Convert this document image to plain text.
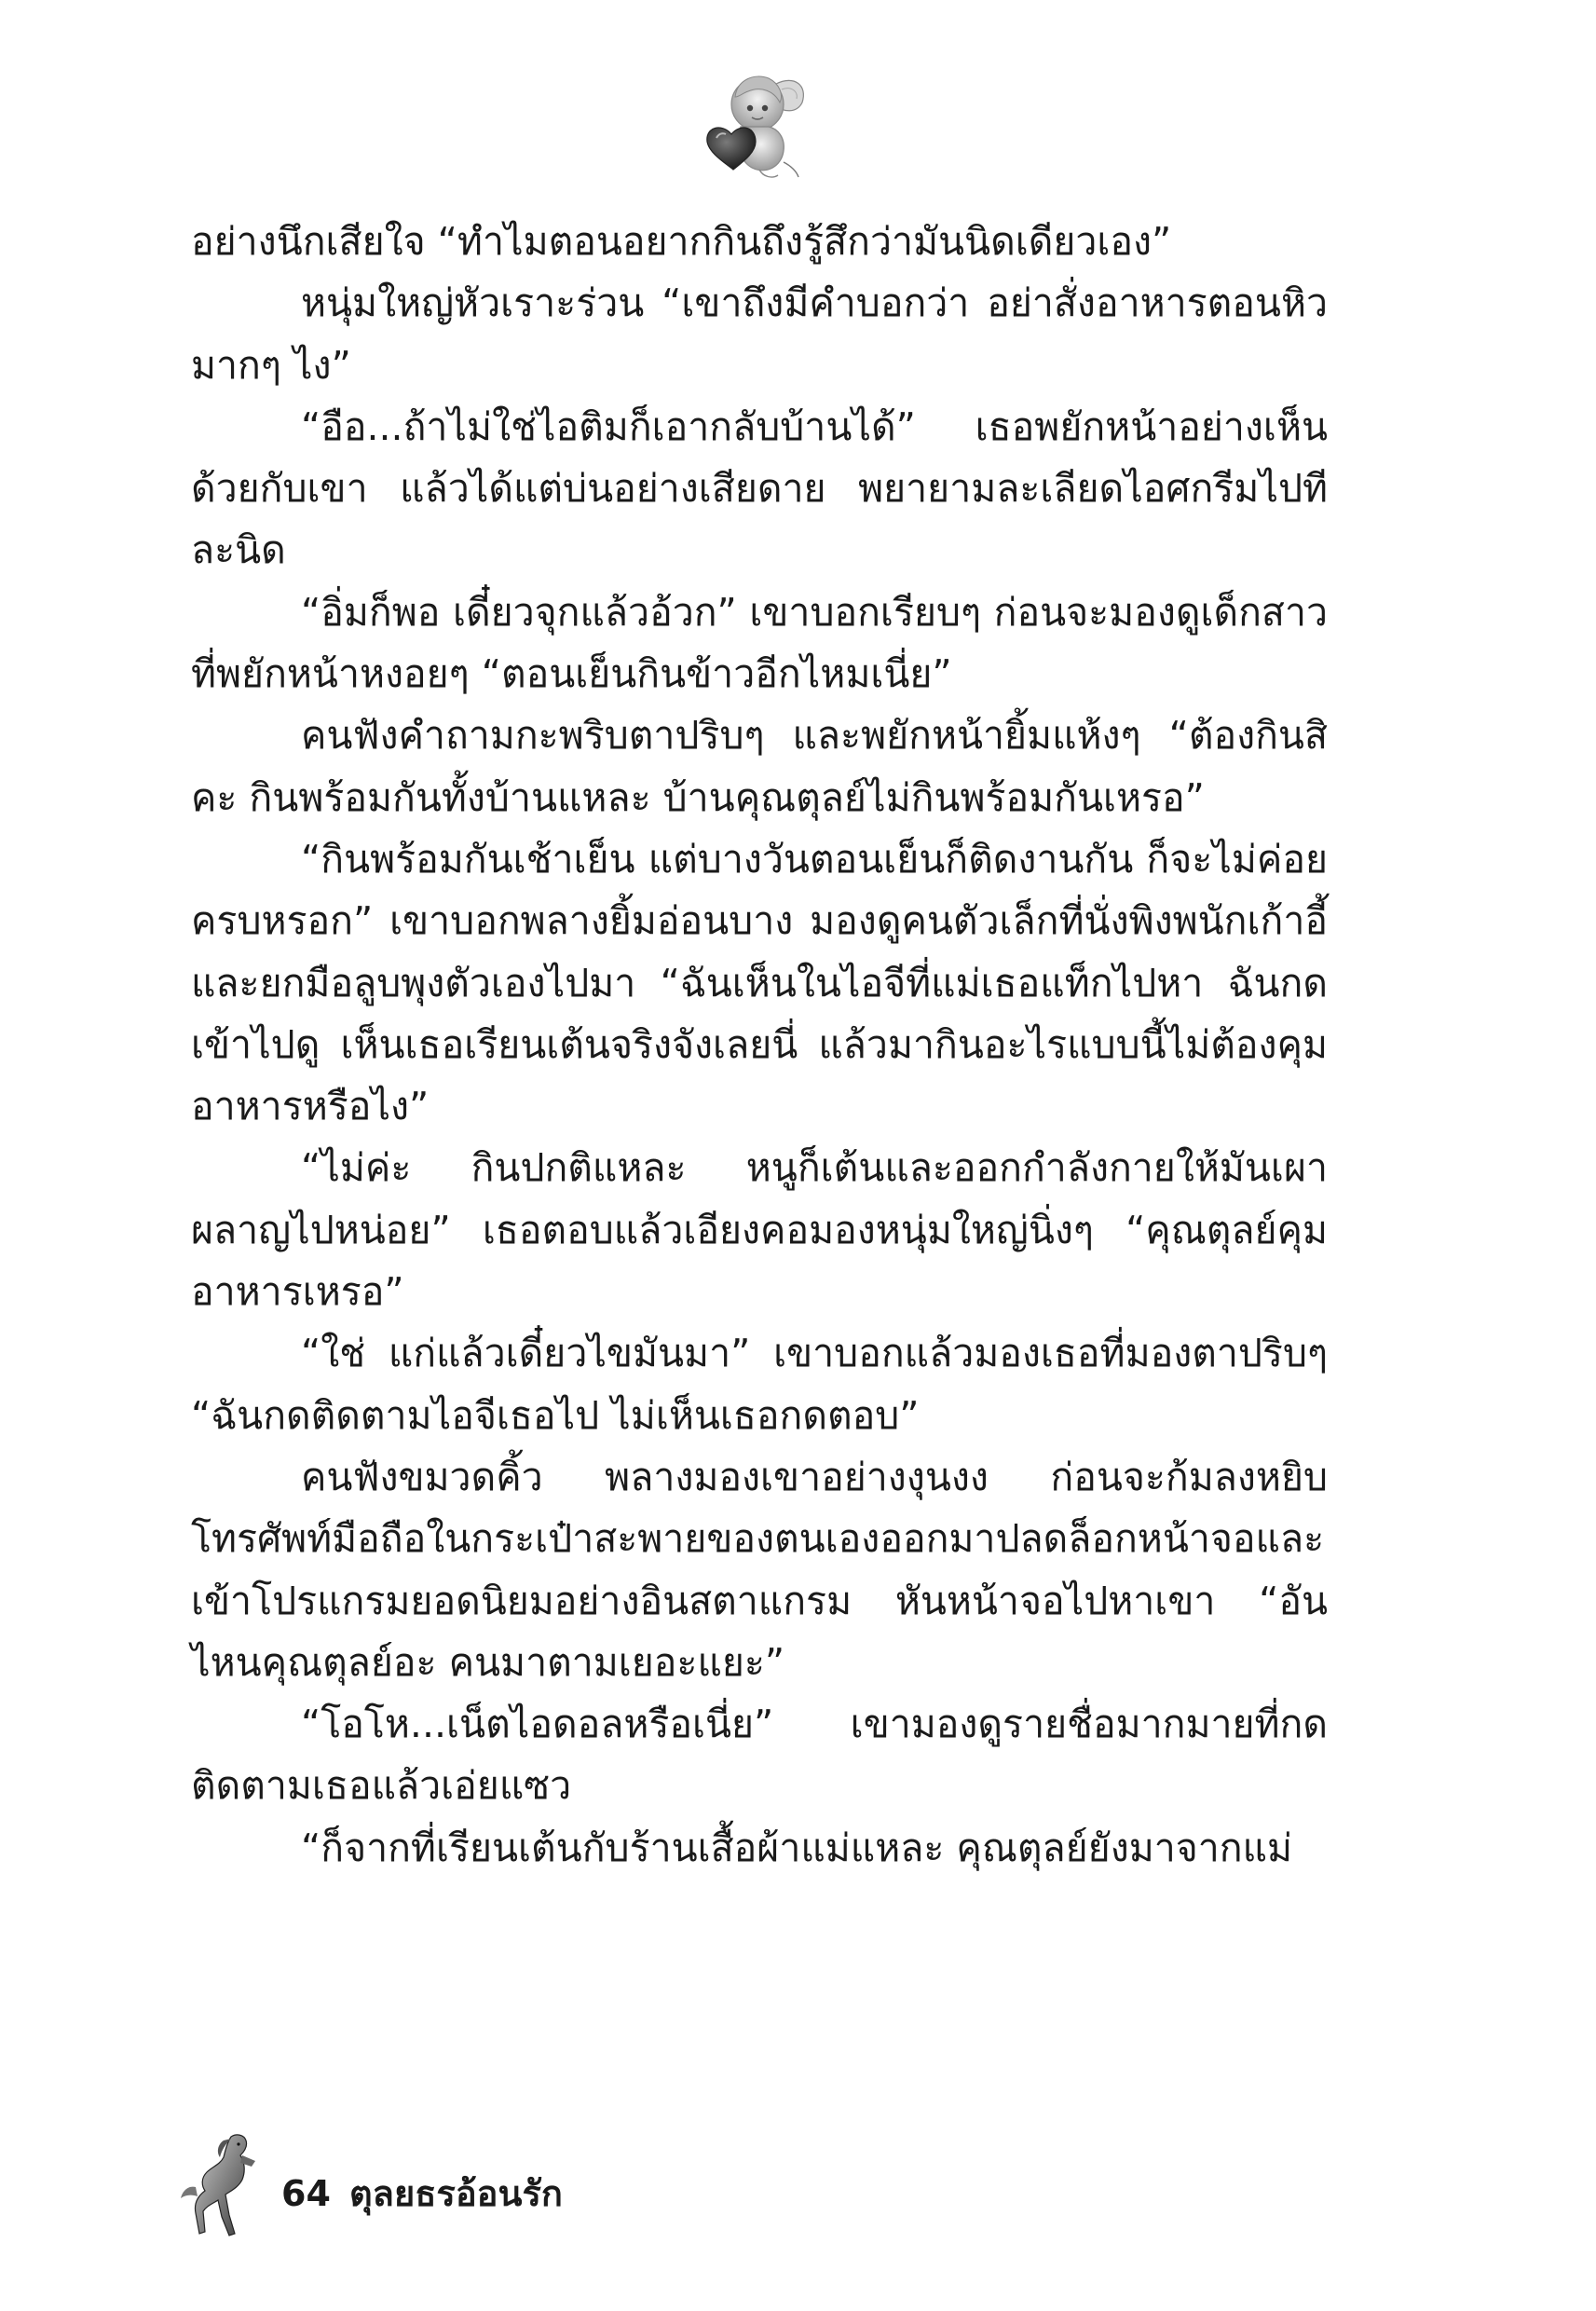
อย่างนึกเสียใจ “ทำไมตอนอยากกินถึงรู้สึกว่ามันนิดเดียวเอง”

หนุ่มใหญ่หัวเราะร่วน “เขาถึงมีคำบอกว่า อย่าสั่งอาหารตอนหิวมากๆ ไง”

“อือ...ถ้าไม่ใช่ไอติมก็เอากลับบ้านได้” เธอพยักหน้าอย่างเห็นด้วยกับเขา แล้วได้แต่บ่นอย่างเสียดาย พยายามละเลียดไอศกรีมไปทีละนิด

“อิ่มก็พอ เดี๋ยวจุกแล้วอ้วก” เขาบอกเรียบๆ ก่อนจะมองดูเด็กสาวที่พยักหน้าหงอยๆ “ตอนเย็นกินข้าวอีกไหมเนี่ย”

คนฟังคำถามกะพริบตาปริบๆ และพยักหน้ายิ้มแห้งๆ “ต้องกินสิคะ กินพร้อมกันทั้งบ้านแหละ บ้านคุณตุลย์ไม่กินพร้อมกันเหรอ”

“กินพร้อมกันเช้าเย็น แต่บางวันตอนเย็นก็ติดงานกัน ก็จะไม่ค่อยครบหรอก” เขาบอกพลางยิ้มอ่อนบาง มองดูคนตัวเล็กที่นั่งพิงพนักเก้าอี้และยกมือลูบพุงตัวเองไปมา “ฉันเห็นในไอจีที่แม่เธอแท็กไปหา ฉันกดเข้าไปดู เห็นเธอเรียนเต้นจริงจังเลยนี่ แล้วมากินอะไรแบบนี้ไม่ต้องคุมอาหารหรือไง”

“ไม่ค่ะ กินปกติแหละ หนูก็เต้นและออกกำลังกายให้มันเผาผลาญไปหน่อย” เธอตอบแล้วเอียงคอมองหนุ่มใหญ่นิ่งๆ “คุณตุลย์คุมอาหารเหรอ”

“ใช่ แก่แล้วเดี๋ยวไขมันมา” เขาบอกแล้วมองเธอที่มองตาปริบๆ “ฉันกดติดตามไอจีเธอไป ไม่เห็นเธอกดตอบ”

คนฟังขมวดคิ้ว พลางมองเขาอย่างงุนงง ก่อนจะก้มลงหยิบโทรศัพท์มือถือในกระเป๋าสะพายของตนเองออกมาปลดล็อกหน้าจอและเข้าโปรแกรมยอดนิยมอย่างอินสตาแกรม หันหน้าจอไปหาเขา “อันไหนคุณตุลย์อะ คนมาตามเยอะแยะ”

“โอโห...เน็ตไอดอลหรือเนี่ย” เขามองดูรายชื่อมากมายที่กดติดตามเธอแล้วเอ่ยแซว

“ก็จากที่เรียนเต้นกับร้านเสื้อผ้าแม่แหละ คุณตุลย์ยังมาจากแม่

64 ตุลยธรอ้อนรัก
